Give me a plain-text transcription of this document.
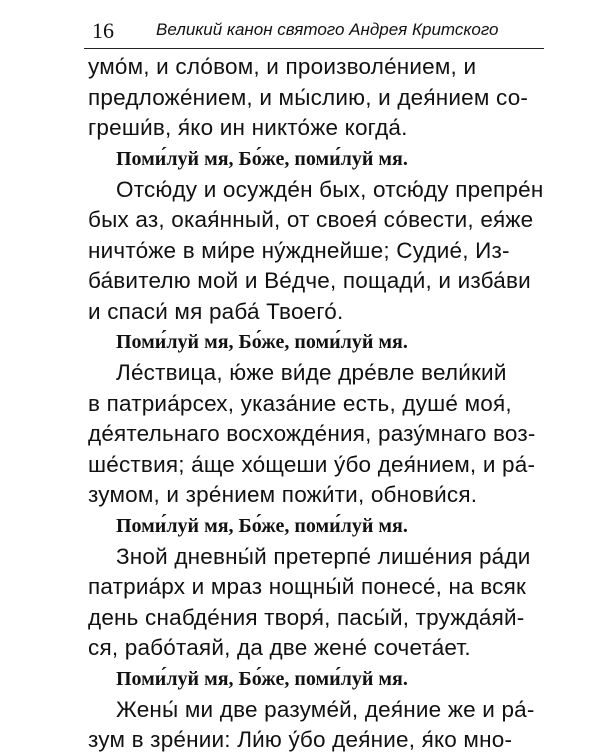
16 Великий канон святого Андрея Критского
умо́м, и сло́вом, и произволе́нием, и
предложе́нием, и мы́слию, и дея́нием со-
греши́в, я́ко ин никто́же когда́.
Поми́луй мя, Бо́же, поми́луй мя.
Отсю́ду и осужде́н бых, отсю́ду препре́н
бых аз, окая́нный, от своея́ со́вести, ея́же
ничто́же в ми́ре ну́жднейше; Судие́, Из-
ба́вителю мой и Ве́дче, пощади́, и изба́ви
и спаси́ мя раба́ Твоего́.
Поми́луй мя, Бо́же, поми́луй мя.
Ле́ствица, ю́же ви́де дре́вле вели́кий
в патриа́рсех, указа́ние есть, душе́ моя́,
де́ятельнаго восхожде́ния, разу́мнаго воз-
ше́ствия; а́ще хо́щеши у́бо дея́нием, и ра́-
зумом, и зре́нием пожи́ти, обнови́ся.
Поми́луй мя, Бо́же, поми́луй мя.
Зной дневны́й претерпе́ лише́ния ра́ди
патриа́рх и мраз нощны́й понесе́, на всяк
день снабде́ния творя́, пасы́й, тружда́яй-
ся, рабо́таяй, да две жене́ сочета́ет.
Поми́луй мя, Бо́же, поми́луй мя.
Жены́ ми две разуме́й, дея́ние же и ра́-
зум в зре́нии: Ли́ю у́бо дея́ние, я́ко мно-
